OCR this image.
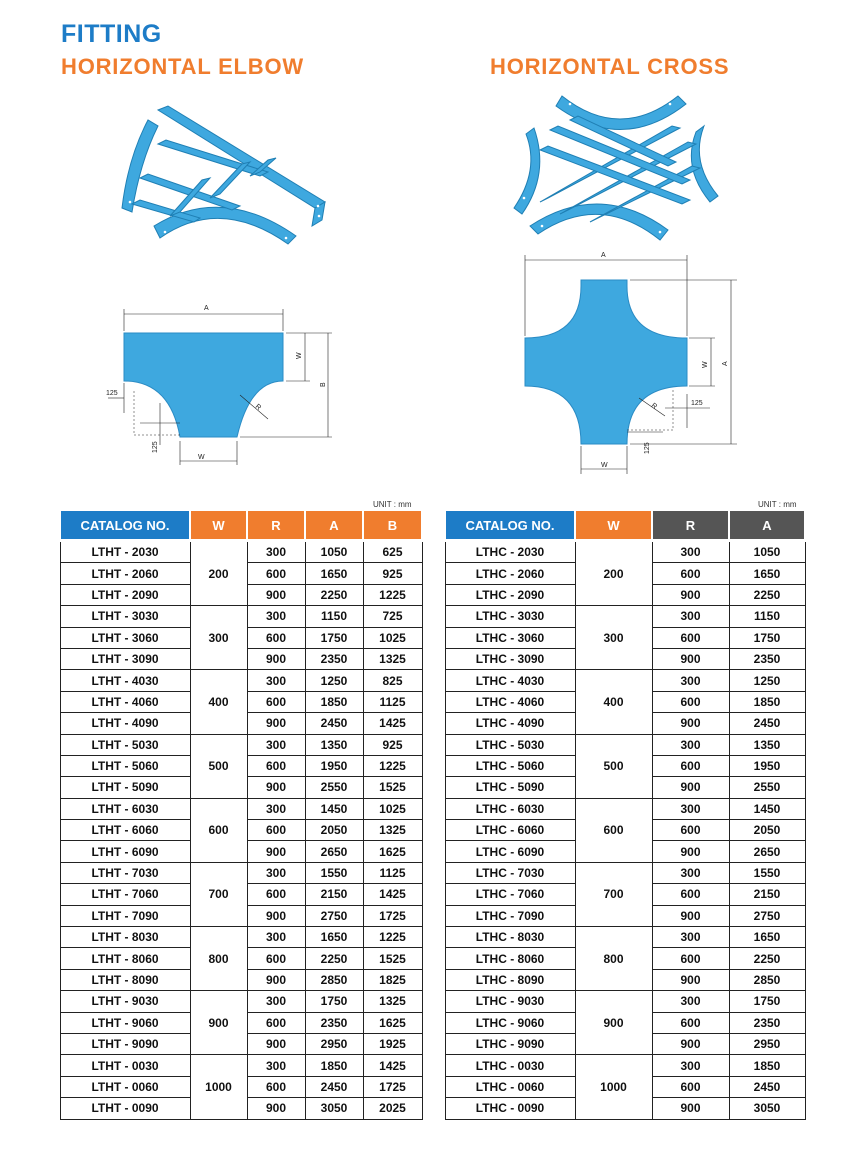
FITTING
HORIZONTAL ELBOW	HORIZONTAL CROSS
A
W
B
125
125
W
R
A
W A
125
125
W
R
UNIT : mm	UNIT : mm
CATALOG NO.	W	R	A	B
LTHT - 2030	200	300	1050	625
LTHT - 2060		600	1650	925
LTHT - 2090		900	2250	1225
LTHT - 3030	300	300	1150	725
LTHT - 3060		600	1750	1025
LTHT - 3090		900	2350	1325
LTHT - 4030	400	300	1250	825
LTHT - 4060		600	1850	1125
LTHT - 4090		900	2450	1425
LTHT - 5030	500	300	1350	925
LTHT - 5060		600	1950	1225
LTHT - 5090		900	2550	1525
LTHT - 6030	600	300	1450	1025
LTHT - 6060		600	2050	1325
LTHT - 6090		900	2650	1625
LTHT - 7030	700	300	1550	1125
LTHT - 7060		600	2150	1425
LTHT - 7090		900	2750	1725
LTHT - 8030	800	300	1650	1225
LTHT - 8060		600	2250	1525
LTHT - 8090		900	2850	1825
LTHT - 9030	900	300	1750	1325
LTHT - 9060		600	2350	1625
LTHT - 9090		900	2950	1925
LTHT - 0030	1000	300	1850	1425
LTHT - 0060		600	2450	1725
LTHT - 0090		900	3050	2025
CATALOG NO.	W	R	A
LTHC - 2030	200	300	1050
LTHC - 2060		600	1650
LTHC - 2090		900	2250
LTHC - 3030	300	300	1150
LTHC - 3060		600	1750
LTHC - 3090		900	2350
LTHC - 4030	400	300	1250
LTHC - 4060		600	1850
LTHC - 4090		900	2450
LTHC - 5030	500	300	1350
LTHC - 5060		600	1950
LTHC - 5090		900	2550
LTHC - 6030	600	300	1450
LTHC - 6060		600	2050
LTHC - 6090		900	2650
LTHC - 7030	700	300	1550
LTHC - 7060		600	2150
LTHC - 7090		900	2750
LTHC - 8030	800	300	1650
LTHC - 8060		600	2250
LTHC - 8090		900	2850
LTHC - 9030	900	300	1750
LTHC - 9060		600	2350
LTHC - 9090		900	2950
LTHC - 0030	1000	300	1850
LTHC - 0060		600	2450
LTHC - 0090		900	3050
